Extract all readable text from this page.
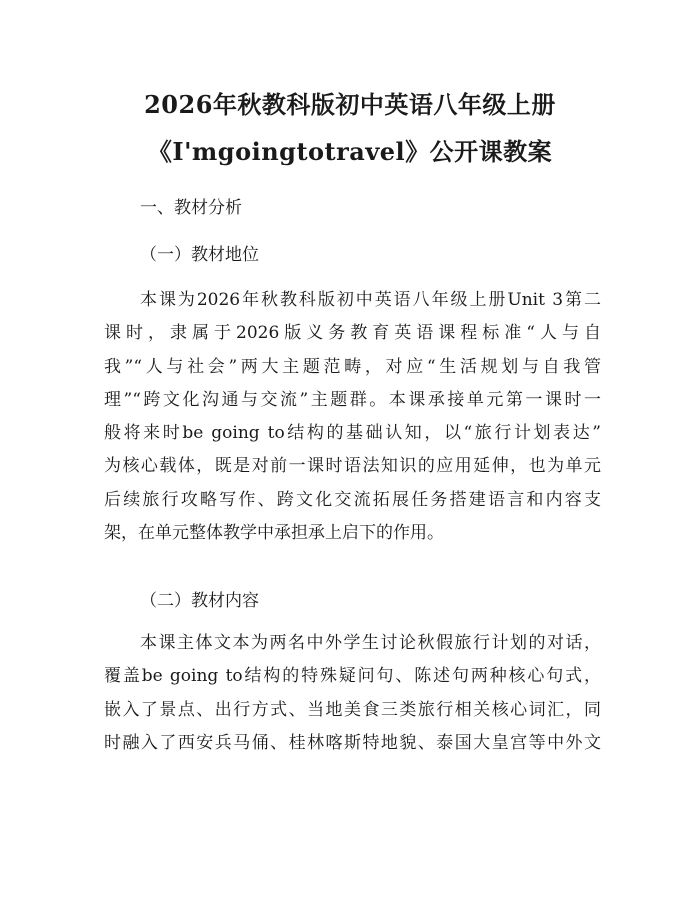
2026年秋教科版初中英语八年级上册
《I'mgoingtotravel》公开课教案
一、教材分析
（一）教材地位
本课为2026年秋教科版初中英语八年级上册Unit 3第二
课时，隶属于2026版义务教育英语课程标准“人与自
我”“人与社会”两大主题范畴，对应“生活规划与自我管
理”“跨文化沟通与交流”主题群。本课承接单元第一课时一
般将来时be going to结构的基础认知，以“旅行计划表达”
为核心载体，既是对前一课时语法知识的应用延伸，也为单元
后续旅行攻略写作、跨文化交流拓展任务搭建语言和内容支
架，在单元整体教学中承担承上启下的作用。
（二）教材内容
本课主体文本为两名中外学生讨论秋假旅行计划的对话，
覆盖be going to结构的特殊疑问句、陈述句两种核心句式，
嵌入了景点、出行方式、当地美食三类旅行相关核心词汇，同
时融入了西安兵马俑、桂林喀斯特地貌、泰国大皇宫等中外文
